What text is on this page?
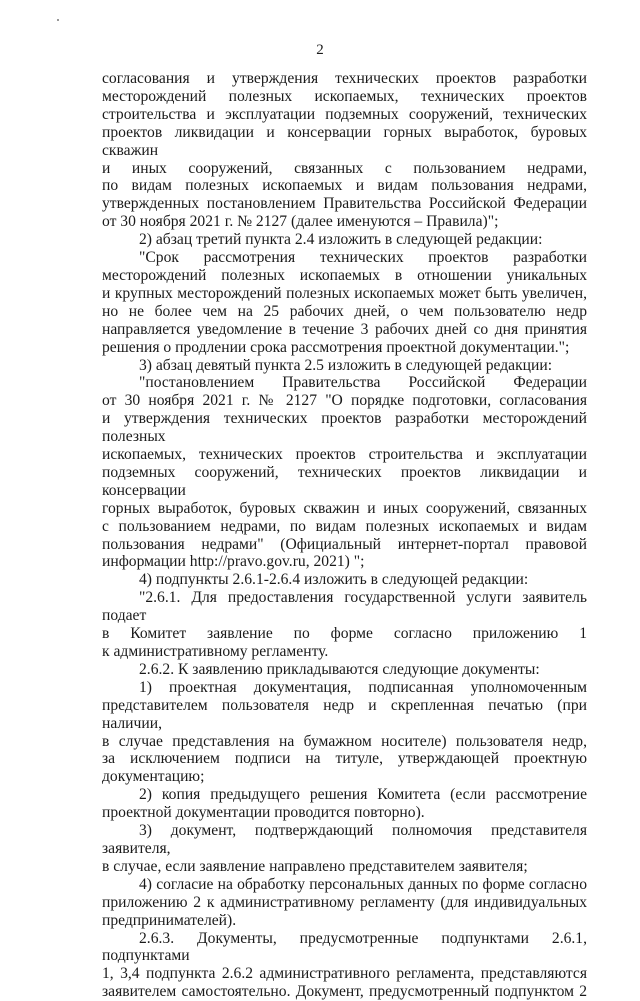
2

согласования и утверждения технических проектов разработки

месторождений полезных ископаемых, технических проектов

строительства и эксплуатации подземных сооружений, технических

проектов ликвидации и консервации горных выработок, буровых скважин

и иных сооружений, связанных с пользованием недрами,

по видам полезных ископаемых и видам пользования недрами,

утвержденных постановлением Правительства Российской Федерации

от 30 ноября 2021 г. № 2127 (далее именуются – Правила)";

2) абзац третий пункта 2.4 изложить в следующей редакции:

"Срок рассмотрения технических проектов разработки

месторождений полезных ископаемых в отношении уникальных

и крупных месторождений полезных ископаемых может быть увеличен,

но не более чем на 25 рабочих дней, о чем пользователю недр

направляется уведомление в течение 3 рабочих дней со дня принятия

решения о продлении срока рассмотрения проектной документации.";

3) абзац девятый пункта 2.5 изложить в следующей редакции:

"постановлением Правительства Российской Федерации

от 30 ноября 2021 г. № 2127 "О порядке подготовки, согласования

и утверждения технических проектов разработки месторождений полезных

ископаемых, технических проектов строительства и эксплуатации

подземных сооружений, технических проектов ликвидации и консервации

горных выработок, буровых скважин и иных сооружений, связанных

с пользованием недрами, по видам полезных ископаемых и видам

пользования недрами" (Официальный интернет-портал правовой

информации http://pravo.gov.ru, 2021) ";

4) подпункты 2.6.1-2.6.4 изложить в следующей редакции:

"2.6.1. Для предоставления государственной услуги заявитель подает

в Комитет заявление по форме согласно приложению 1

к административному регламенту.

2.6.2. К заявлению прикладываются следующие документы:

1) проектная документация, подписанная уполномоченным

представителем пользователя недр и скрепленная печатью (при наличии,

в случае представления на бумажном носителе) пользователя недр,

за исключением подписи на титуле, утверждающей проектную

документацию;

2) копия предыдущего решения Комитета (если рассмотрение

проектной документации проводится повторно).

3) документ, подтверждающий полномочия представителя заявителя,

в случае, если заявление направлено представителем заявителя;

4) согласие на обработку персональных данных по форме согласно

приложению 2 к административному регламенту (для индивидуальных

предпринимателей).

2.6.3. Документы, предусмотренные подпунктами 2.6.1, подпунктами

1, 3,4 подпункта 2.6.2 административного регламента, представляются

заявителем самостоятельно. Документ, предусмотренный подпунктом 2
